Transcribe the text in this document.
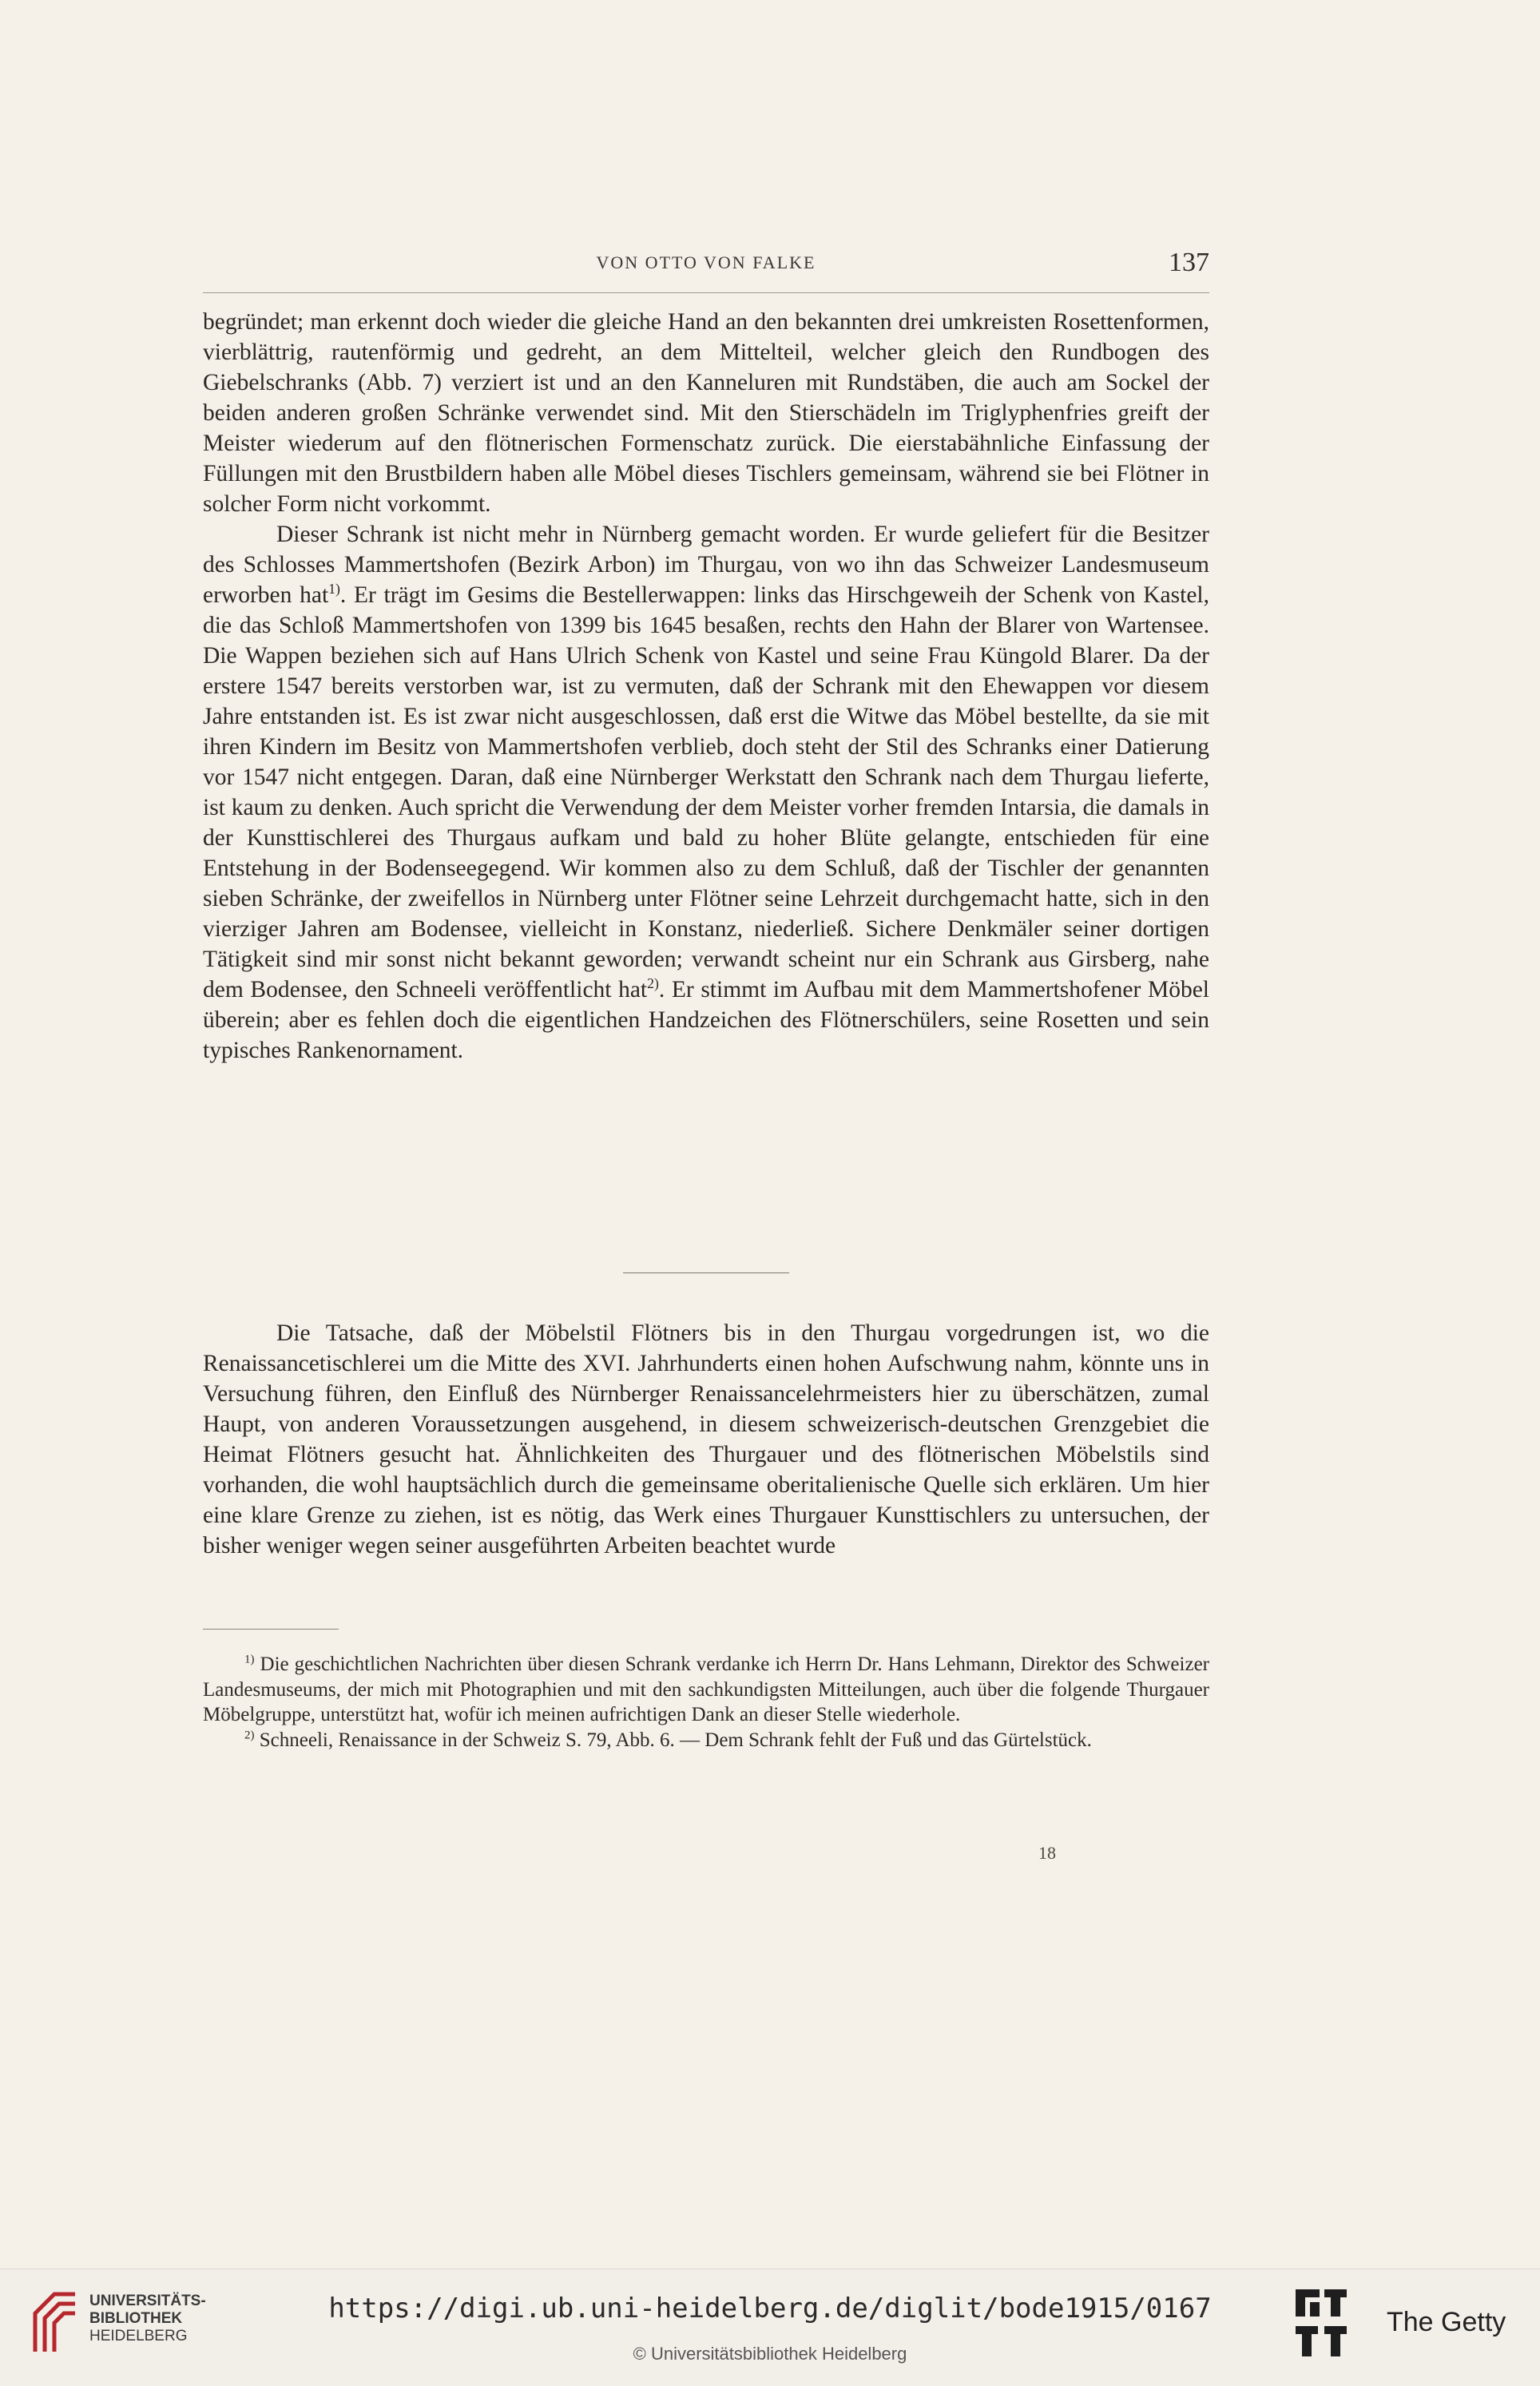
VON OTTO VON FALKE	137

begründet; man erkennt doch wieder die gleiche Hand an den bekannten drei umkreisten Rosettenformen, vierblättrig, rautenförmig und gedreht, an dem Mittelteil, welcher gleich den Rundbogen des Giebelschranks (Abb. 7) verziert ist und an den Kanneluren mit Rundstäben, die auch am Sockel der beiden anderen großen Schränke verwendet sind. Mit den Stierschädeln im Triglyphenfries greift der Meister wiederum auf den flötnerischen Formenschatz zurück. Die eierstabähnliche Einfassung der Füllungen mit den Brustbildern haben alle Möbel dieses Tischlers gemeinsam, während sie bei Flötner in solcher Form nicht vorkommt.

Dieser Schrank ist nicht mehr in Nürnberg gemacht worden. Er wurde geliefert für die Besitzer des Schlosses Mammertshofen (Bezirk Arbon) im Thurgau, von wo ihn das Schweizer Landesmuseum erworben hat$^{1)}$. Er trägt im Gesims die Bestellerwappen: links das Hirschgeweih der Schenk von Kastel, die das Schloß Mammertshofen von 1399 bis 1645 besaßen, rechts den Hahn der Blarer von Wartensee. Die Wappen beziehen sich auf Hans Ulrich Schenk von Kastel und seine Frau Küngold Blarer. Da der erstere 1547 bereits verstorben war, ist zu vermuten, daß der Schrank mit den Ehewappen vor diesem Jahre entstanden ist. Es ist zwar nicht ausgeschlossen, daß erst die Witwe das Möbel bestellte, da sie mit ihren Kindern im Besitz von Mammertshofen verblieb, doch steht der Stil des Schranks einer Datierung vor 1547 nicht entgegen. Daran, daß eine Nürnberger Werkstatt den Schrank nach dem Thurgau lieferte, ist kaum zu denken. Auch spricht die Verwendung der dem Meister vorher fremden Intarsia, die damals in der Kunsttischlerei des Thurgaus aufkam und bald zu hoher Blüte gelangte, entschieden für eine Entstehung in der Bodenseegegend. Wir kommen also zu dem Schluß, daß der Tischler der genannten sieben Schränke, der zweifellos in Nürnberg unter Flötner seine Lehrzeit durchgemacht hatte, sich in den vierziger Jahren am Bodensee, vielleicht in Konstanz, niederließ. Sichere Denkmäler seiner dortigen Tätigkeit sind mir sonst nicht bekannt geworden; verwandt scheint nur ein Schrank aus Girsberg, nahe dem Bodensee, den Schneeli veröffentlicht hat$^{2)}$. Er stimmt im Aufbau mit dem Mammertshofener Möbel überein; aber es fehlen doch die eigentlichen Handzeichen des Flötnerschülers, seine Rosetten und sein typisches Rankenornament.

Die Tatsache, daß der Möbelstil Flötners bis in den Thurgau vorgedrungen ist, wo die Renaissancetischlerei um die Mitte des XVI. Jahrhunderts einen hohen Aufschwung nahm, könnte uns in Versuchung führen, den Einfluß des Nürnberger Renaissancelehrmeisters hier zu überschätzen, zumal Haupt, von anderen Voraussetzungen ausgehend, in diesem schweizerisch-deutschen Grenzgebiet die Heimat Flötners gesucht hat. Ähnlichkeiten des Thurgauer und des flötnerischen Möbelstils sind vorhanden, die wohl hauptsächlich durch die gemeinsame oberitalienische Quelle sich erklären. Um hier eine klare Grenze zu ziehen, ist es nötig, das Werk eines Thurgauer Kunsttischlers zu untersuchen, der bisher weniger wegen seiner ausgeführten Arbeiten beachtet wurde

$^{1)}$ Die geschichtlichen Nachrichten über diesen Schrank verdanke ich Herrn Dr. Hans Lehmann, Direktor des Schweizer Landesmuseums, der mich mit Photographien und mit den sachkundigsten Mitteilungen, auch über die folgende Thurgauer Möbelgruppe, unterstützt hat, wofür ich meinen aufrichtigen Dank an dieser Stelle wiederhole.

$^{2)}$ Schneeli, Renaissance in der Schweiz S. 79, Abb. 6. — Dem Schrank fehlt der Fuß und das Gürtelstück.

18
UNIVERSITÄTS-
BIBLIOTHEK
HEIDELBERG
https://digi.ub.uni-heidelberg.de/diglit/bode1915/0167
© Universitätsbibliothek Heidelberg
The Getty
